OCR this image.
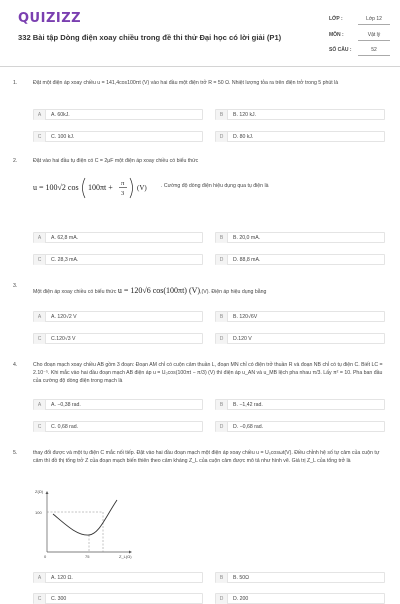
QUIZIZZ
332 Bài tập Dòng điện xoay chiều trong đề thi thử Đại học có lời giải (P1)
LỚP :	Lớp 12
MÔN :	Vật lý
SỐ CÂU :	52
1.	Đặt một điện áp xoay chiều u = 141,4cos100πt (V) vào hai đầu một điện trở R = 50 Ω. Nhiệt lượng tỏa ra trên điện trở trong 5 phút là
A	A. 60kJ.	B	B. 120 kJ.
C	C. 100 kJ.	D	D. 80 kJ.
2.	Đặt vào hai đầu tụ điện có C = 2μF một điện áp xoay chiều có biểu thức
u = 100√2 cos 100πt + π
3
(V)	. Cường độ dòng điện hiệu dụng qua tụ điện là
A	A. 62,8 mA.	B	B. 20,0 mA.
C	C. 28,3 mA.	D	D. 88,8 mA.
3.
Một điện áp xoay chiều có biểu thức u = 120√6 cos(100πt) (V),(V). Điện áp hiệu dụng bằng
A	A. 120√2 V	B	B. 120√6V
C	C.120√3 V	D	D.120 V
4.	Cho đoạn mạch xoay chiều AB gồm 3 đoạn: Đoạn AM chỉ có cuộn cảm thuần L, đoạn MN chỉ có điện trở thuần R và đoạn NB chỉ có tụ điện C. Biết LC = 2.10⁻⁵. Khi mắc vào hai đầu đoạn mạch AB điện áp u = U₀cos(100πt − π/3) (V) thì điện áp u_AN và u_MB lệch pha nhau π/3. Lấy π² = 10. Pha ban đầu của cường độ dòng điện trong mạch là
A	A. −0,38 rad.	B	B. −1,42 rad.
C	C. 0,68 rad.	D	D. −0,68 rad.
5.	thay đổi được và một tụ điện C mắc nối tiếp. Đặt vào hai đầu đoạn mạch một điện áp xoay chiều u = U₀cosωt(V). Điều chỉnh hệ số tự cảm của cuộn tự cảm thì đồ thị tổng trở Z của đoạn mạch biến thiên theo cảm kháng Z_L của cuộn cảm được mô tả như hình vẽ. Giá trị Z_L của tổng trở là
Z(Ω)
100
0	75	Z_L(Ω)
A	A. 120 Ω.	B	B. 50Ω
C	C. 300	D	D. 200
